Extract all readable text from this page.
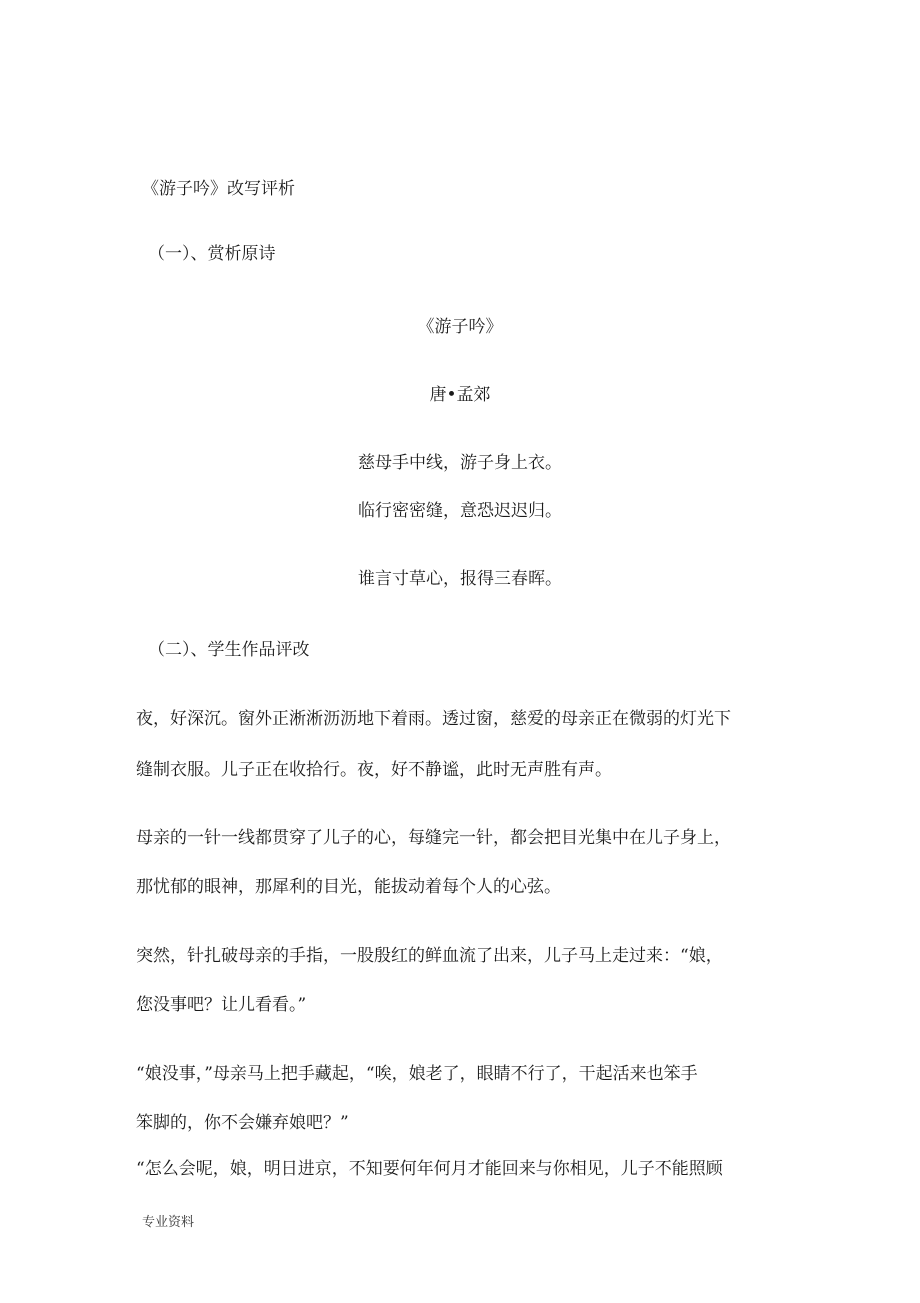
《游子吟》改写评析
（一）、赏析原诗
《游子吟》
唐•孟郊
慈母手中线，游子身上衣。
临行密密缝，意恐迟迟归。
谁言寸草心，报得三春晖。
（二）、学生作品评改
夜，好深沉。窗外正淅淅沥沥地下着雨。透过窗，慈爱的母亲正在微弱的灯光下
缝制衣服。儿子正在收拾行。夜，好不静谧，此时无声胜有声。
母亲的一针一线都贯穿了儿子的心，每缝完一针，都会把目光集中在儿子身上，
那忧郁的眼神，那犀利的目光，能拔动着每个人的心弦。
突然，针扎破母亲的手指，一股殷红的鲜血流了出来，儿子马上走过来：“娘，
您没事吧？让儿看看。”
“娘没事，”母亲马上把手藏起，“唉，娘老了，眼睛不行了，干起活来也笨手
笨脚的，你不会嫌弃娘吧？”
“怎么会呢，娘，明日进京，不知要何年何月才能回来与你相见，儿子不能照顾
专业资料
